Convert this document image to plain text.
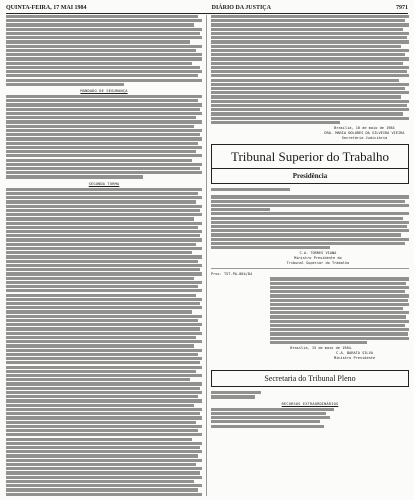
QUINTA-FEIRA, 17 MAI 1984	DIÁRIO DA JUSTIÇA	7971
MANDADO DE SEGURANÇA
SEGUNDA TURMA
Brasília, 16 de maio de 1984
DRA. MARIA DOLORES DA SILVEIRA VIEIRA
Secretária Judiciária
Tribunal Superior do Trabalho
Presidência
C.A. TORRES VIANA
Ministro Presidente do
Tribunal Superior do Trabalho
Proc. TST-PA-004/84
Brasília, 15 de maio de 1984.
C.A. BARATA SILVA
Ministro Presidente
Secretaria do Tribunal Pleno
RECURSOS EXTRAORDINÁRIOS
